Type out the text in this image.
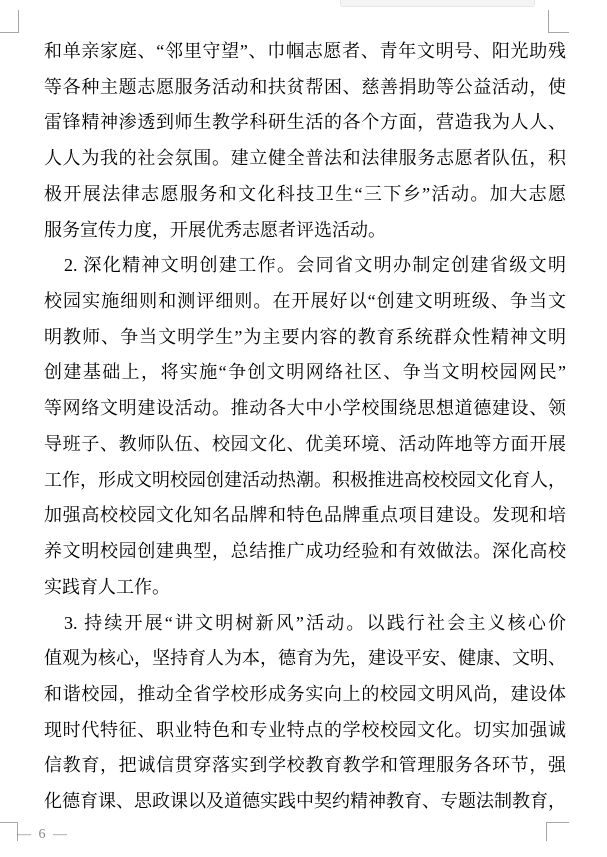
和单亲家庭、“邻里守望”、巾帼志愿者、青年文明号、阳光助残
等各种主题志愿服务活动和扶贫帮困、慈善捐助等公益活动，使
雷锋精神渗透到师生教学科研生活的各个方面，营造我为人人、
人人为我的社会氛围。建立健全普法和法律服务志愿者队伍，积
极开展法律志愿服务和文化科技卫生“三下乡”活动。加大志愿
服务宣传力度，开展优秀志愿者评选活动。
2. 深化精神文明创建工作。会同省文明办制定创建省级文明
校园实施细则和测评细则。在开展好以“创建文明班级、争当文
明教师、争当文明学生”为主要内容的教育系统群众性精神文明
创建基础上，将实施“争创文明网络社区、争当文明校园网民”
等网络文明建设活动。推动各大中小学校围绕思想道德建设、领
导班子、教师队伍、校园文化、优美环境、活动阵地等方面开展
工作，形成文明校园创建活动热潮。积极推进高校校园文化育人，
加强高校校园文化知名品牌和特色品牌重点项目建设。发现和培
养文明校园创建典型，总结推广成功经验和有效做法。深化高校
实践育人工作。
3. 持续开展“讲文明树新风”活动。以践行社会主义核心价
值观为核心，坚持育人为本，德育为先，建设平安、健康、文明、
和谐校园，推动全省学校形成务实向上的校园文明风尚，建设体
现时代特征、职业特色和专业特点的学校校园文化。切实加强诚
信教育，把诚信贯穿落实到学校教育教学和管理服务各环节，强
化德育课、思政课以及道德实践中契约精神教育、专题法制教育，
— 6 —
